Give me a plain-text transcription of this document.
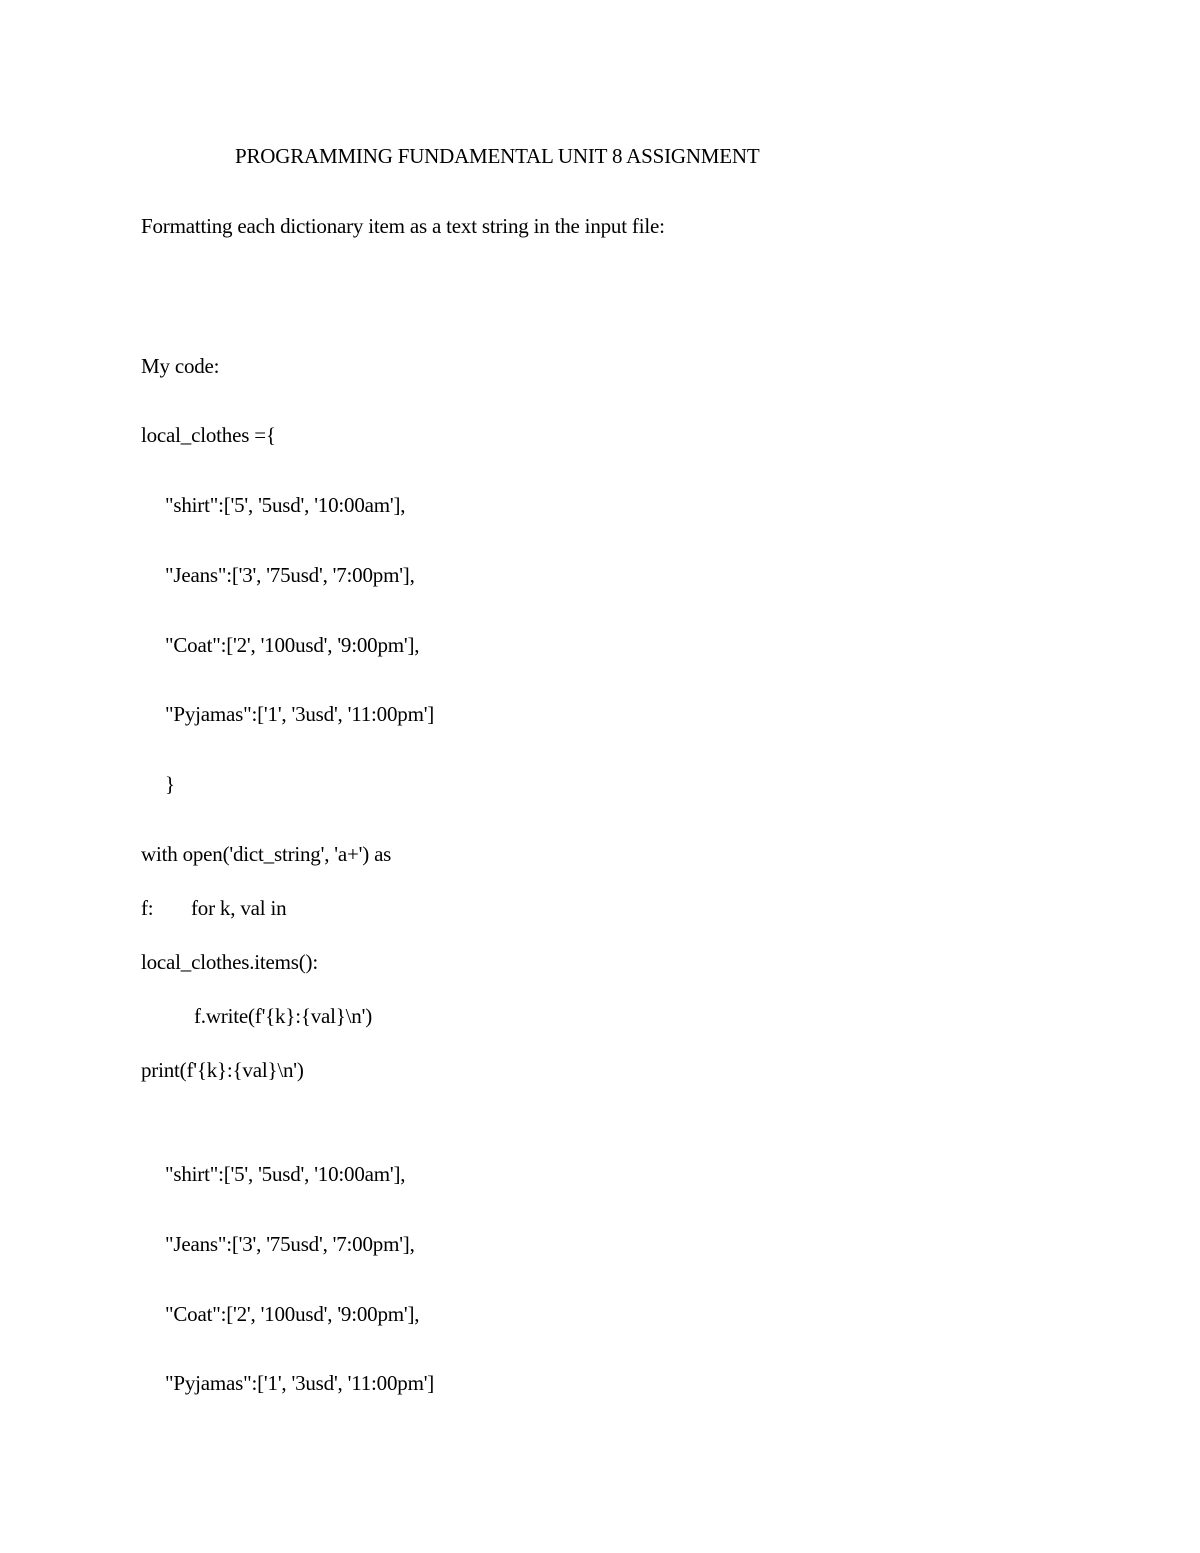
PROGRAMMING FUNDAMENTAL UNIT 8 ASSIGNMENT
Formatting each dictionary item as a text string in the input file:
My code:
local_clothes ={
"shirt":['5', '5usd', '10:00am'],
"Jeans":['3', '75usd', '7:00pm'],
"Coat":['2', '100usd', '9:00pm'],
"Pyjamas":['1', '3usd', '11:00pm']
}
with open('dict_string', 'a+') as
f: for k, val in
local_clothes.items():
f.write(f'{k}:{val}\n')
print(f'{k}:{val}\n')
"shirt":['5', '5usd', '10:00am'],
"Jeans":['3', '75usd', '7:00pm'],
"Coat":['2', '100usd', '9:00pm'],
"Pyjamas":['1', '3usd', '11:00pm']
